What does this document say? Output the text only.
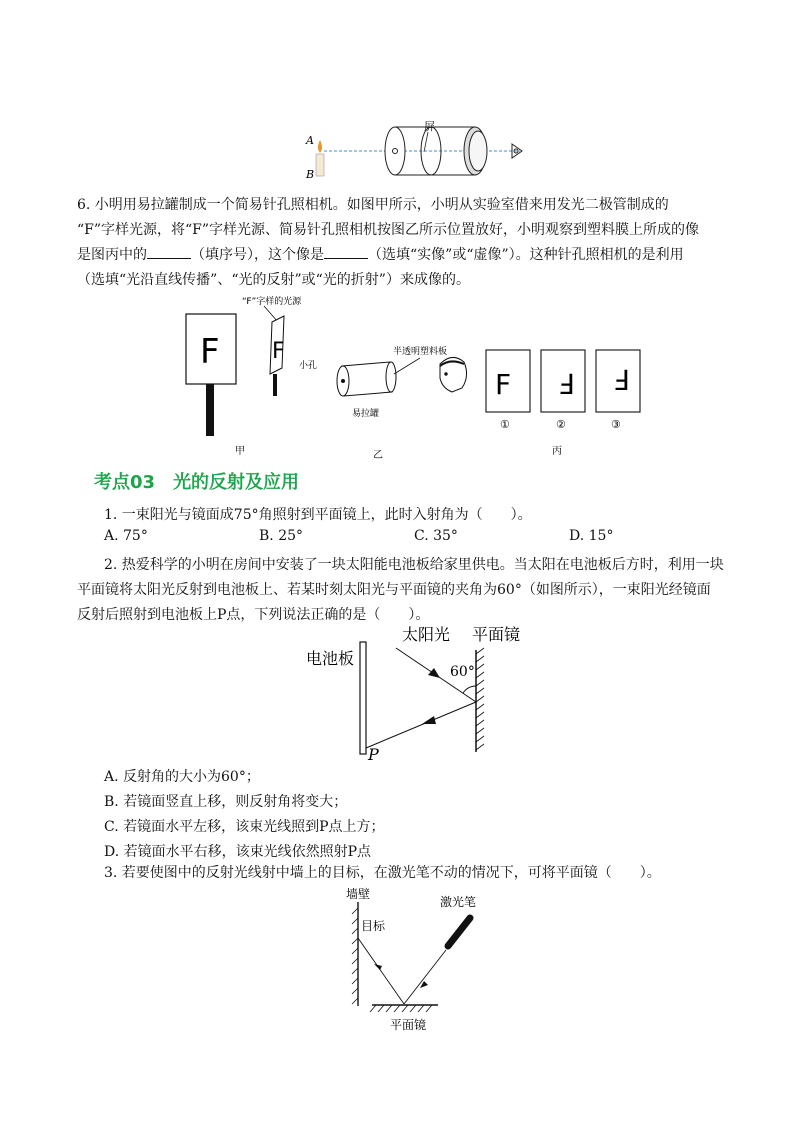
屏
A
B

6. 小明用易拉罐制成一个简易针孔照相机。如图甲所示，小明从实验室借来用发光二极管制成的

“F”字样光源，将“F”字样光源、简易针孔照相机按图乙所示位置放好，小明观察到塑料膜上所成的像

是图丙中的	（填序号），这个像是	（选填“实像”或“虚像”）。这种针孔照相机的是利用

（选填“光沿直线传播”、“光的反射”或“光的折射”）来成像的。

F
“F”字样的光源
F
小孔
半透明塑料板
易拉罐
F
①
F
②
F
③
甲	乙	丙
考点03 光的反射及应用

1. 一束阳光与镜面成75°角照射到平面镜上，此时入射角为（　　）。

A. 75°	B. 25°	C. 35°	D. 15°

2. 热爱科学的小明在房间中安装了一块太阳能电池板给家里供电。当太阳在电池板后方时，利用一块

平面镜将太阳光反射到电池板上、若某时刻太阳光与平面镜的夹角为60°（如图所示），一束阳光经镜面

反射后照射到电池板上P点，下列说法正确的是（　　）。

电池板
太阳光 平面镜
60°
P
A. 反射角的大小为60°；
B. 若镜面竖直上移，则反射角将变大；
C. 若镜面水平左移，该束光线照到P点上方；
D. 若镜面水平右移，该束光线依然照射P点

3. 若要使图中的反射光线射中墙上的目标，在激光笔不动的情况下，可将平面镜（　　）。

墙壁
目标
激光笔
平面镜
